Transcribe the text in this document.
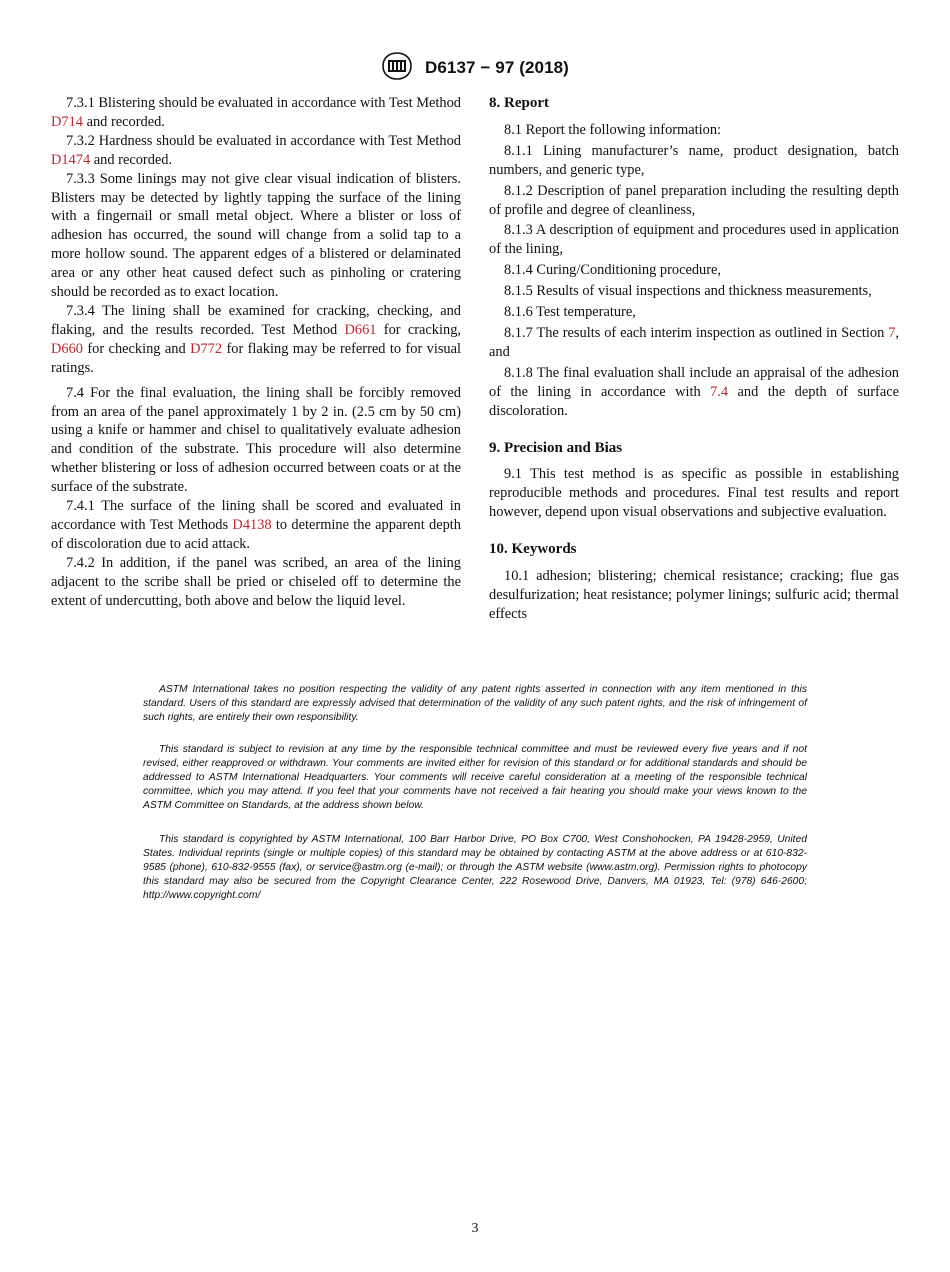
D6137 − 97 (2018)

7.3.1 Blistering should be evaluated in accordance with Test Method D714 and recorded.

7.3.2 Hardness should be evaluated in accordance with Test Method D1474 and recorded.

7.3.3 Some linings may not give clear visual indication of blisters. Blisters may be detected by lightly tapping the surface of the lining with a fingernail or small metal object. Where a blister or loss of adhesion has occurred, the sound will change from a solid tap to a more hollow sound. The apparent edges of a blistered or delaminated area or any other heat caused defect such as pinholing or cratering should be recorded as to exact location.

7.3.4 The lining shall be examined for cracking, checking, and flaking, and the results recorded. Test Method D661 for cracking, D660 for checking and D772 for flaking may be referred to for visual ratings.

7.4 For the final evaluation, the lining shall be forcibly removed from an area of the panel approximately 1 by 2 in. (2.5 cm by 50 cm) using a knife or hammer and chisel to qualitatively evaluate adhesion and condition of the substrate. This procedure will also determine whether blistering or loss of adhesion occurred between coats or at the surface of the substrate.

7.4.1 The surface of the lining shall be scored and evaluated in accordance with Test Methods D4138 to determine the apparent depth of discoloration due to acid attack.

7.4.2 In addition, if the panel was scribed, an area of the lining adjacent to the scribe shall be pried or chiseled off to determine the extent of undercutting, both above and below the liquid level.

8. Report

8.1 Report the following information:

8.1.1 Lining manufacturer’s name, product designation, batch numbers, and generic type,

8.1.2 Description of panel preparation including the resulting depth of profile and degree of cleanliness,

8.1.3 A description of equipment and procedures used in application of the lining,

8.1.4 Curing/Conditioning procedure,

8.1.5 Results of visual inspections and thickness measurements,

8.1.6 Test temperature,

8.1.7 The results of each interim inspection as outlined in Section 7, and

8.1.8 The final evaluation shall include an appraisal of the adhesion of the lining in accordance with 7.4 and the depth of surface discoloration.

9. Precision and Bias

9.1 This test method is as specific as possible in establishing reproducible methods and procedures. Final test results and report however, depend upon visual observations and subjective evaluation.

10. Keywords

10.1 adhesion; blistering; chemical resistance; cracking; flue gas desulfurization; heat resistance; polymer linings; sulfuric acid; thermal effects

ASTM International takes no position respecting the validity of any patent rights asserted in connection with any item mentioned in this standard. Users of this standard are expressly advised that determination of the validity of any such patent rights, and the risk of infringement of such rights, are entirely their own responsibility.

This standard is subject to revision at any time by the responsible technical committee and must be reviewed every five years and if not revised, either reapproved or withdrawn. Your comments are invited either for revision of this standard or for additional standards and should be addressed to ASTM International Headquarters. Your comments will receive careful consideration at a meeting of the responsible technical committee, which you may attend. If you feel that your comments have not received a fair hearing you should make your views known to the ASTM Committee on Standards, at the address shown below.

This standard is copyrighted by ASTM International, 100 Barr Harbor Drive, PO Box C700, West Conshohocken, PA 19428-2959, United States. Individual reprints (single or multiple copies) of this standard may be obtained by contacting ASTM at the above address or at 610-832-9585 (phone), 610-832-9555 (fax), or service@astm.org (e-mail); or through the ASTM website (www.astm.org). Permission rights to photocopy this standard may also be secured from the Copyright Clearance Center, 222 Rosewood Drive, Danvers, MA 01923, Tel: (978) 646-2600; http://www.copyright.com/

3
